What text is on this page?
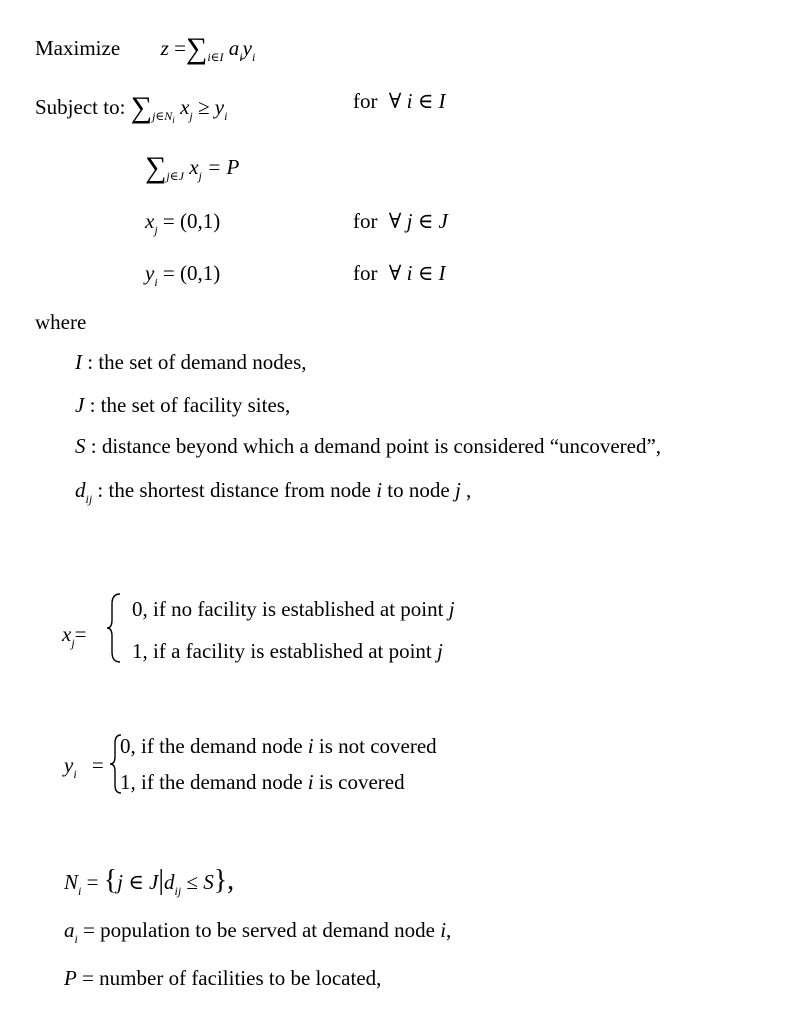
Maximize $z =\sum_{i\in I}$ $a_iy_i$
Subject to: $\sum_{j\in Ni}$ $x_j \ge y_i$
for ∀ i ∈ I
$\sum_{j\in J}$ $x_j = P$
$x_j = (0,1)$	for ∀ j ∈ J
$y_i = (0,1)$	for ∀ i ∈ I
where
I : the set of demand nodes,
J : the set of facility sites,
S : distance beyond which a demand point is considered “uncovered”,
$d_{ij}$ : the shortest distance from node i to node j ,
$x_j=$
0, if no facility is established at point j
1, if a facility is established at point j
$y_i$ =
0, if the demand node i is not covered
1, if the demand node i is covered
$N_i = \{j$ ∈ $J|d_{ij} \le S$},
$a_i$ = population to be served at demand node i,
P = number of facilities to be located,
